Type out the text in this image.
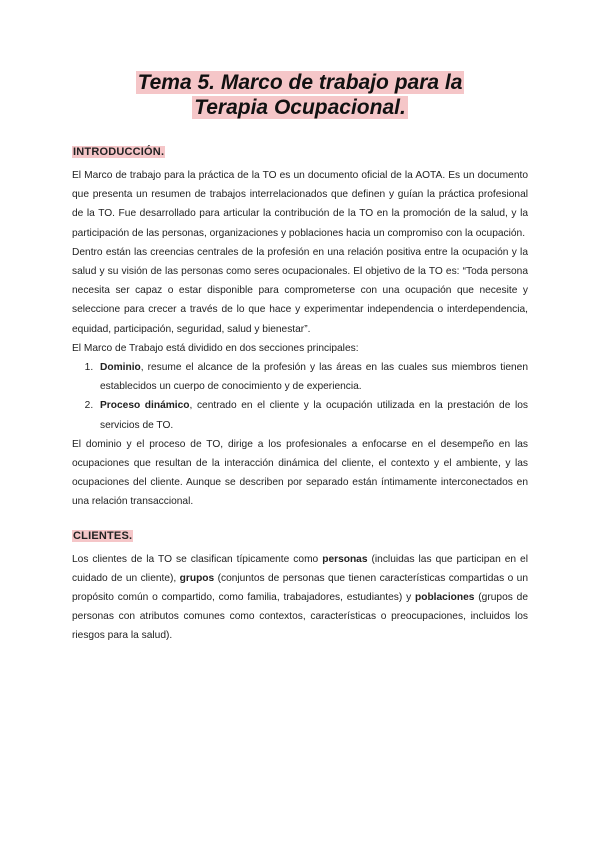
Tema 5. Marco de trabajo para la
Terapia Ocupacional.
INTRODUCCIÓN.

El Marco de trabajo para la práctica de la TO es un documento oficial de la AOTA. Es un documento que presenta un resumen de trabajos interrelacionados que definen y guían la práctica profesional de la TO. Fue desarrollado para articular la contribución de la TO en la promoción de la salud, y la participación de las personas, organizaciones y poblaciones hacia un compromiso con la ocupación.

Dentro están las creencias centrales de la profesión en una relación positiva entre la ocupación y la salud y su visión de las personas como seres ocupacionales. El objetivo de la TO es: “Toda persona necesita ser capaz o estar disponible para comprometerse con una ocupación que necesite y seleccione para crecer a través de lo que hace y experimentar independencia o interdependencia, equidad, participación, seguridad, salud y bienestar”.

El Marco de Trabajo está dividido en dos secciones principales:

1. Dominio, resume el alcance de la profesión y las áreas en las cuales sus miembros tienen establecidos un cuerpo de conocimiento y de experiencia.
2. Proceso dinámico, centrado en el cliente y la ocupación utilizada en la prestación de los servicios de TO.

El dominio y el proceso de TO, dirige a los profesionales a enfocarse en el desempeño en las ocupaciones que resultan de la interacción dinámica del cliente, el contexto y el ambiente, y las ocupaciones del cliente. Aunque se describen por separado están íntimamente interconectados en una relación transaccional.

CLIENTES.

Los clientes de la TO se clasifican típicamente como personas (incluidas las que participan en el cuidado de un cliente), grupos (conjuntos de personas que tienen características compartidas o un propósito común o compartido, como familia, trabajadores, estudiantes) y poblaciones (grupos de personas con atributos comunes como contextos, características o preocupaciones, incluidos los riesgos para la salud).
